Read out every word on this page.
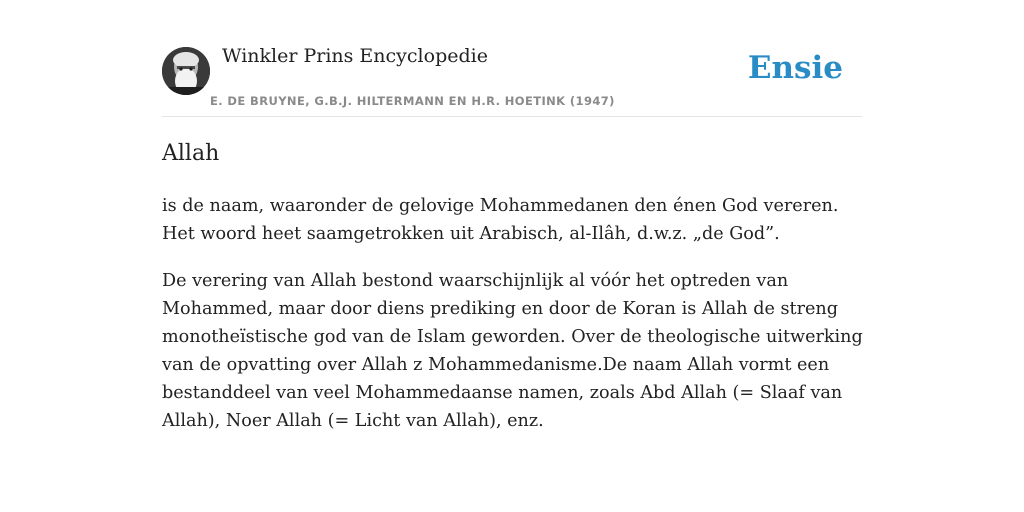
Winkler Prins Encyclopedie
E. DE BRUYNE, G.B.J. HILTERMANN EN H.R. HOETINK (1947)
Ensie
Allah

is de naam, waaronder de gelovige Mohammedanen den énen God vereren. Het woord heet saamgetrokken uit Arabisch, al-Ilâh, d.w.z. „de God”.

De verering van Allah bestond waarschijnlijk al vóór het optreden van Mohammed, maar door diens prediking en door de Koran is Allah de streng monotheïstische god van de Islam geworden. Over de theologische uitwerking van de opvatting over Allah z Mohammedanisme.De naam Allah vormt een bestanddeel van veel Mohammedaanse namen, zoals Abd Allah (= Slaaf van Allah), Noer Allah (= Licht van Allah), enz.
